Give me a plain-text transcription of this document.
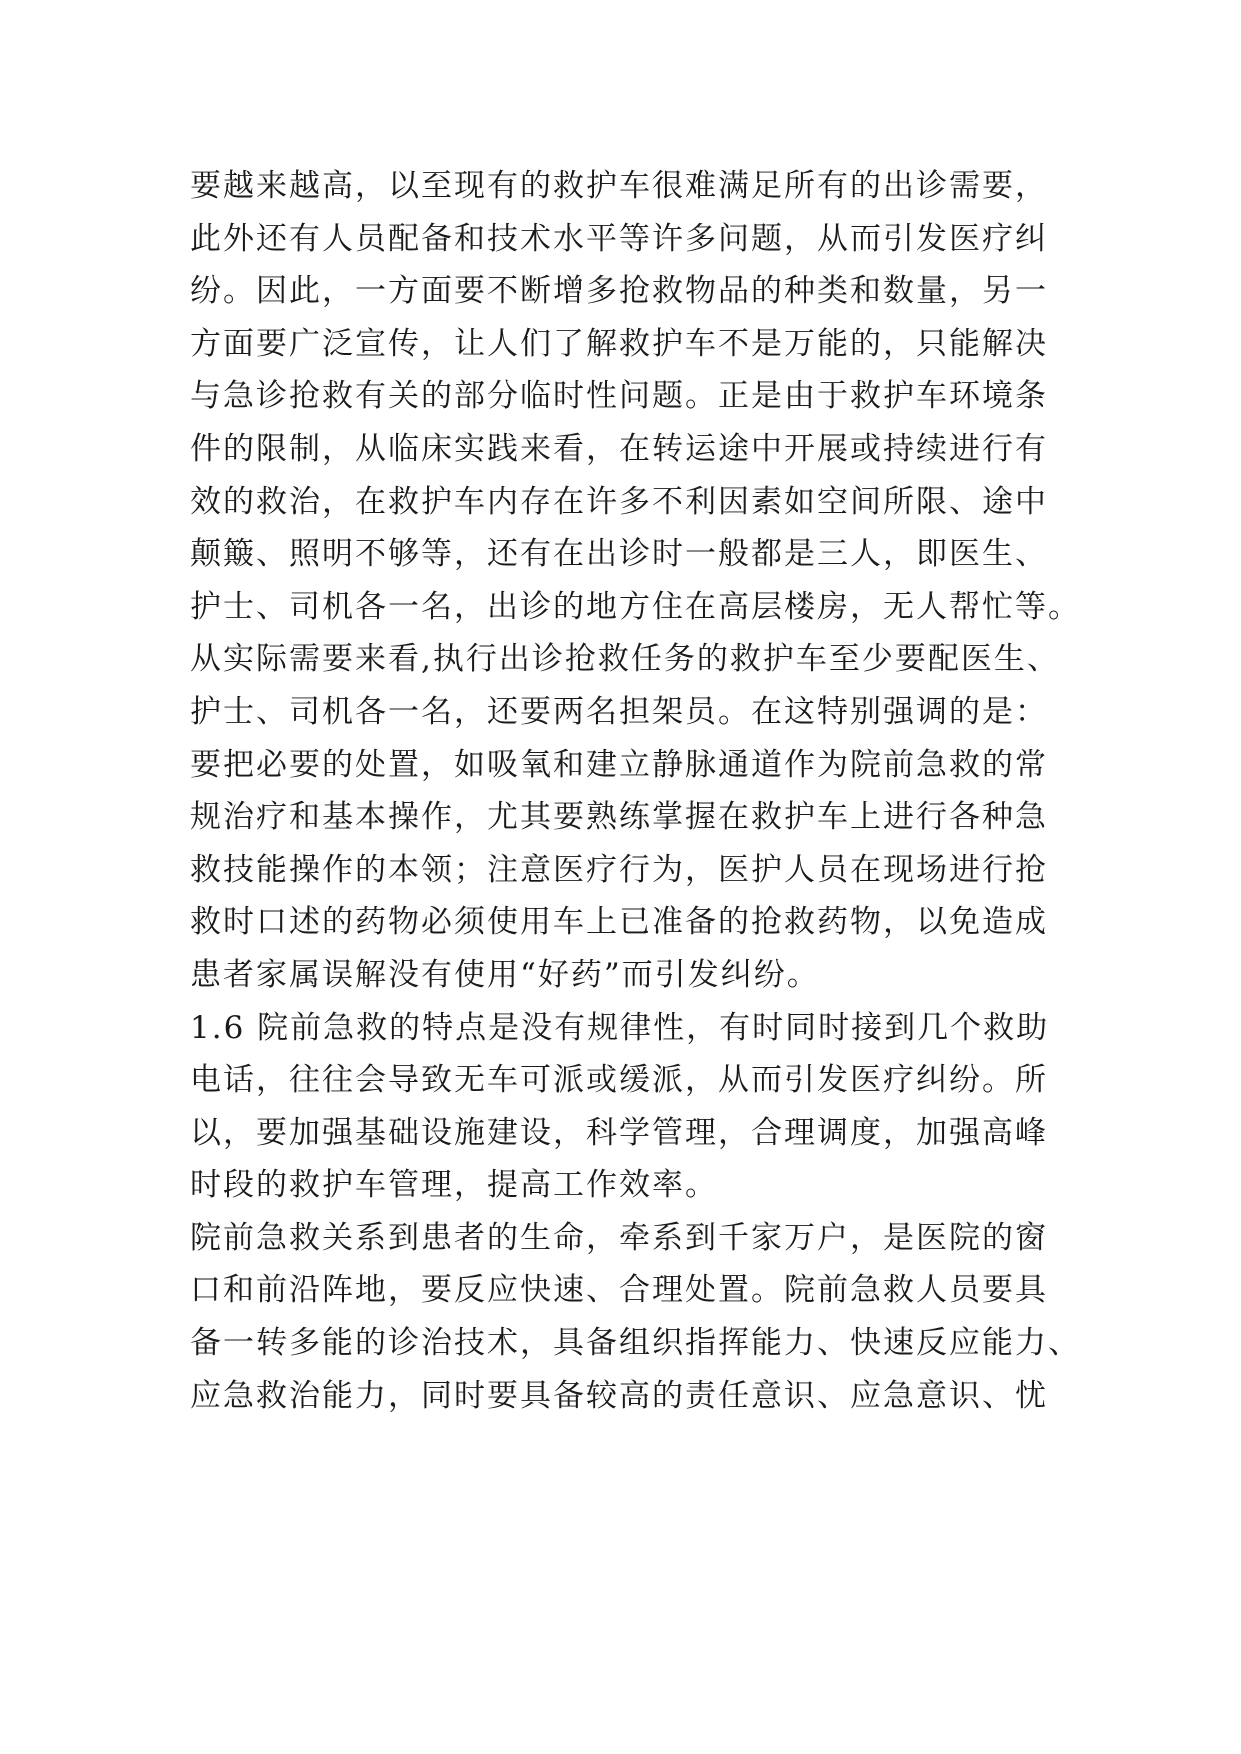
要越来越高，以至现有的救护车很难满足所有的出诊需要，
此外还有人员配备和技术水平等许多问题，从而引发医疗纠
纷。因此，一方面要不断增多抢救物品的种类和数量，另一
方面要广泛宣传，让人们了解救护车不是万能的，只能解决
与急诊抢救有关的部分临时性问题。正是由于救护车环境条
件的限制，从临床实践来看，在转运途中开展或持续进行有
效的救治，在救护车内存在许多不利因素如空间所限、途中
颠簸、照明不够等，还有在出诊时一般都是三人，即医生、
护士、司机各一名，出诊的地方住在高层楼房，无人帮忙等。
从实际需要来看,执行出诊抢救任务的救护车至少要配医生、
护士、司机各一名，还要两名担架员。在这特别强调的是：
要把必要的处置，如吸氧和建立静脉通道作为院前急救的常
规治疗和基本操作，尤其要熟练掌握在救护车上进行各种急
救技能操作的本领；注意医疗行为，医护人员在现场进行抢
救时口述的药物必须使用车上已准备的抢救药物，以免造成
患者家属误解没有使用“好药”而引发纠纷。
1.6 院前急救的特点是没有规律性，有时同时接到几个救助
电话，往往会导致无车可派或缓派，从而引发医疗纠纷。所
以，要加强基础设施建设，科学管理，合理调度，加强高峰
时段的救护车管理，提高工作效率。
院前急救关系到患者的生命，牵系到千家万户，是医院的窗
口和前沿阵地，要反应快速、合理处置。院前急救人员要具
备一转多能的诊治技术，具备组织指挥能力、快速反应能力、
应急救治能力，同时要具备较高的责任意识、应急意识、忧
